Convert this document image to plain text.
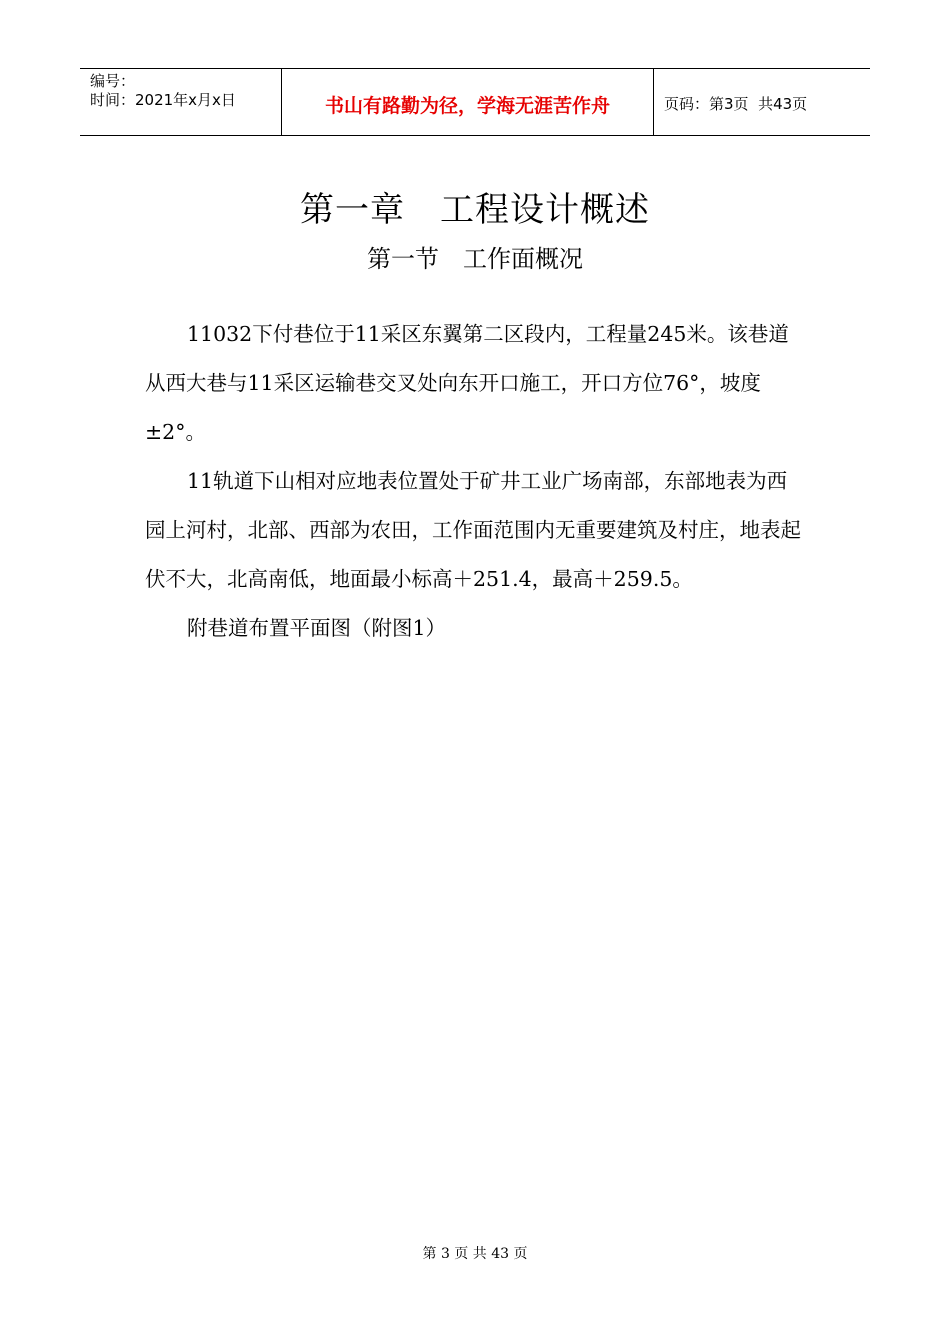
编号：
时间：2021年x月x日	书山有路勤为径，学海无涯苦作舟	页码：第3页  共43页
第一章　工程设计概述
第一节　工作面概况

11032下付巷位于11采区东翼第二区段内，工程量245米。该巷道从西大巷与11采区运输巷交叉处向东开口施工，开口方位76°，坡度±2°。

11轨道下山相对应地表位置处于矿井工业广场南部，东部地表为西园上河村，北部、西部为农田，工作面范围内无重要建筑及村庄，地表起伏不大，北高南低，地面最小标高＋251.4，最高＋259.5。

附巷道布置平面图（附图1）

第 3 页 共 43 页
